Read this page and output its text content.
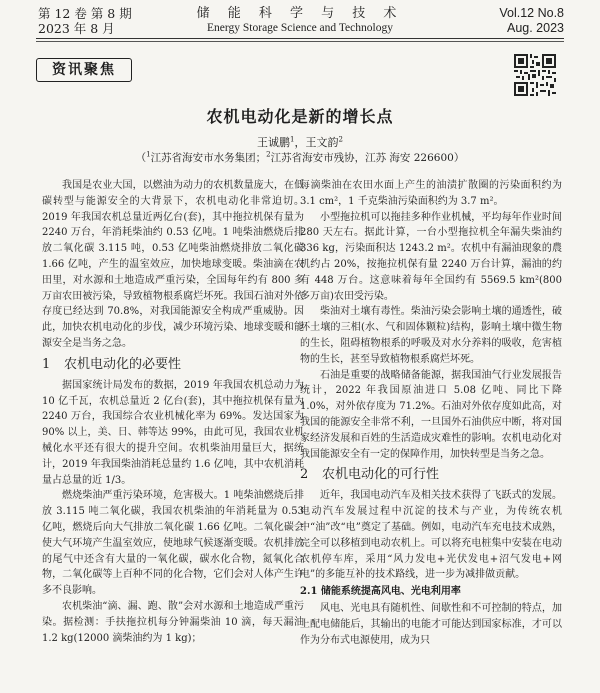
第 12 卷 第 8 期
2023 年 8 月
储 能 科 学 与 技 术
Energy Storage Science and Technology
Vol.12 No.8
Aug. 2023
资讯聚焦
农机电动化是新的增长点
王诚鹏$^1$，王文韵$^2$
（$^1$江苏省海安市水务集团；$^2$江苏省海安市残协，江苏 海安 226600）

我国是农业大国，以燃油为动力的农机数量庞大，在低碳转型与能源安全的大背景下，农机电动化非常迫切。2019 年我国农机总量近两亿台(套)，其中拖拉机保有量为 2240 万台，年消耗柴油约 0.53 亿吨。1 吨柴油燃烧后排放二氧化碳 3.115 吨，0.53 亿吨柴油燃烧排放二氧化碳 1.66 亿吨，产生的温室效应，加快地球变暖。柴油滴在农田里，对水源和土地造成严重污染，全国每年约有 800 多万亩农田被污染，导致植物根系腐烂坏死。我国石油对外依存度已经达到 70.8%，对我国能源安全构成严重威胁。因此，加快农机电动化的步伐，减少环境污染、地球变暖和能源安全是当务之急。

1 农机电动化的必要性

据国家统计局发布的数据，2019 年我国农机总动力为 10 亿千瓦，农机总量近 2 亿台(套)，其中拖拉机保有量为 2240 万台，我国综合农业机械化率为 69%。发达国家为 90% 以上，美、日、韩等达 99%，由此可见，我国农业机械化水平还有很大的提升空间。农机柴油用量巨大，据统计，2019 年我国柴油消耗总量约 1.6 亿吨，其中农机消耗量占总量的近 1/3。

燃烧柴油严重污染环境，危害极大。1 吨柴油燃烧后排放 3.115 吨二氧化碳，我国农机柴油的年消耗量为 0.53 亿吨，燃烧后向大气排放二氧化碳 1.66 亿吨。二氧化碳会使大气环境产生温室效应，使地球气候逐渐变暖。农机排放的尾气中还含有大量的一氧化碳，碳水化合物，氮氧化合物，二氧化碳等上百种不同的化合物，它们会对人体产生许多不良影响。

农机柴油“滴、漏、跑、散”会对水源和土地造成严重污染。据检测：手扶拖拉机每分钟漏柴油 10 滴，每天漏油 1.2 kg(12000 滴柴油约为 1 kg)；

每滴柴油在农田水面上产生的油渍扩散圈的污染面积约为 3.1 cm²，1 千克柴油污染面积约为 3.7 m²。

小型拖拉机可以拖挂多种作业机械，平均每年作业时间 280 天左右。据此计算，一台小型拖拉机全年漏失柴油约 336 kg，污染面积达 1243.2 m²。农机中有漏油现象的農机约占 20%，按拖拉机保有量 2240 万台计算，漏油的约有 448 万台。这意味着每年全国约有 5569.5 km²(800 多万亩)农田受污染。

柴油对土壤有毒性。柴油污染会影响土壤的通透性，破坏土壤的三相(水、气和固体颗粒)结构，影响土壤中微生物的生长，阻碍植物根系的呼吸及对水分养料的吸收，危害植物的生长，甚至导致植物根系腐烂坏死。

石油是重要的战略储备能源，据我国油气行业发展报告统计，2022 年我国原油进口 5.08 亿吨、同比下降 1.0%，对外依存度为 71.2%。石油对外依存度如此高，对我国的能源安全非常不利，一旦国外石油供应中断，将对国家经济发展和百姓的生活造成灾难性的影响。农机电动化对我国能源安全有一定的保障作用，加快转型是当务之急。

2 农机电动化的可行性

近年，我国电动汽车及相关技术获得了飞跃式的发展。电动汽车发展过程中沉淀的技术与产业，为传统农机中“油”改“电”奠定了基础。例如，电动汽车充电技术成熟，完全可以移植到电动农机上。可以将充电桩集中安装在电动农机停车库，采用“风力发电+光伏发电+沼气发电+网电”的多能互补的技术路线，进一步为减排做贡献。

2.1 储能系统提高风电、光电利用率

风电、光电具有随机性、间歇性和不可控制的特点，加上配电储能后，其输出的电能才可能达到国家标准，才可以作为分布式电源使用，成为只
